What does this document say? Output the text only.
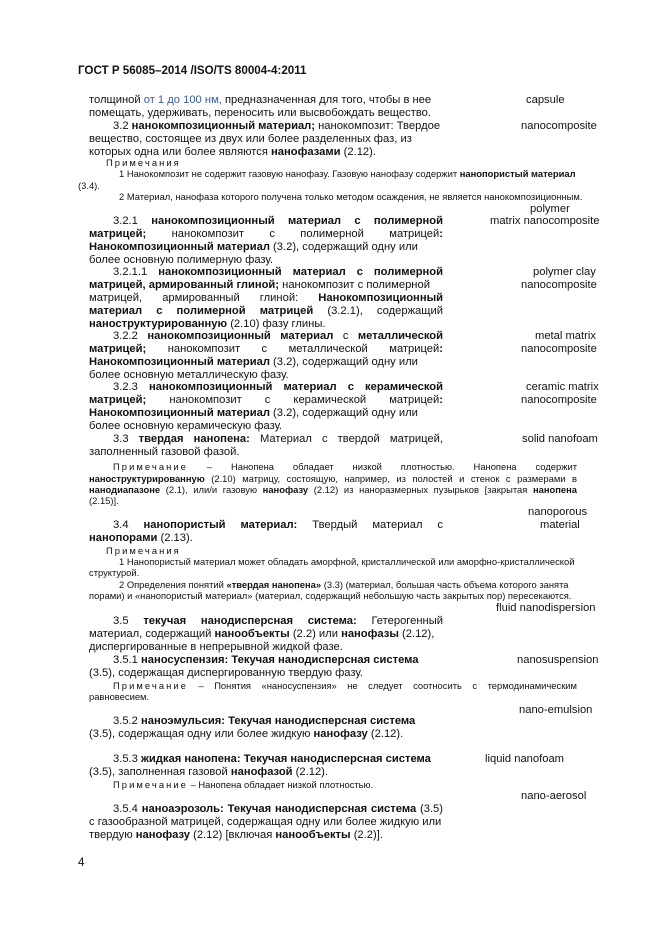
ГОСТ Р 56085–2014 /ISO/TS 80004-4:2011
толщиной от 1 до 100 нм, предназначенная для того, чтобы в нее
помещать, удерживать, переносить или высвобождать вещество.
3.2 нанокомпозиционный материал; нанокомпозит: Твердое
вещество, состоящее из двух или более разделенных фаз, из
которых одна или более являются нанофазами (2.12).
Примечания
1 Нанокомпозит не содержит газовую нанофазу. Газовую нанофазу содержит нанопористый материал
(3.4).
2 Материал, нанофаза которого получена только методом осаждения, не является нанокомпозиционным.
3.2.1 нанокомпозиционный материал с полимерной
матрицей; нанокомпозит с полимерной матрицей:
Нанокомпозиционный материал (3.2), содержащий одну или
более основную полимерную фазу.
3.2.1.1 нанокомпозиционный материал с полимерной
матрицей, армированный глиной; нанокомпозит с полимерной
матрицей, армированный глиной: Нанокомпозиционный
материал с полимерной матрицей (3.2.1), содержащий
наноструктурированную (2.10) фазу глины.
3.2.2 нанокомпозиционный материал с металлической
матрицей; нанокомпозит с металлической матрицей:
Нанокомпозиционный материал (3.2), содержащий одну или
более основную металлическую фазу.
3.2.3 нанокомпозиционный материал с керамической
матрицей; нанокомпозит с керамической матрицей:
Нанокомпозиционный материал (3.2), содержащий одну или
более основную керамическую фазу.
3.3 твердая нанопена: Материал с твердой матрицей,
заполненный газовой фазой.
Примечание – Нанопена обладает низкой плотностью. Нанопена содержит
наноструктурированную (2.10) матрицу, состоящую, например, из полостей и стенок с размерами в
нанодиапазоне (2.1), или/и газовую нанофазу (2.12) из наноразмерных пузырьков [закрытая нанопена
(2.15)].
3.4 нанопористый материал: Твердый материал с
нанопорами (2.13).
Примечания
1 Нанопористый материал может обладать аморфной, кристаллической или аморфно-кристаллической
структурой.
2 Определения понятий «твердая нанопена» (3.3) (материал, большая часть объема которого занята
порами) и «нанопористый материал» (материал, содержащий небольшую часть закрытых пор) пересекаются.
3.5 текучая нанодисперсная система: Гетерогенный
материал, содержащий нанообъекты (2.2) или нанофазы (2.12),
диспергированные в непрерывной жидкой фазе.
3.5.1 наносуспензия: Текучая нанодисперсная система
(3.5), содержащая диспергированную твердую фазу.
Примечание – Понятия «наносуспензия» не следует соотносить с термодинамическим
равновесием.
3.5.2 наноэмульсия: Текучая нанодисперсная система
(3.5), содержащая одну или более жидкую нанофазу (2.12).
3.5.3 жидкая нанопена: Текучая нанодисперсная система
(3.5), заполненная газовой нанофазой (2.12).
Примечание – Нанопена обладает низкой плотностью.
3.5.4 наноаэрозоль: Текучая нанодисперсная система (3.5)
с газообразной матрицей, содержащая одну или более жидкую или
твердую нанофазу (2.12) [включая нанообъекты (2.2)].
capsule
nanocomposite
polymer
matrix nanocomposite
polymer clay
nanocomposite
metal matrix
nanocomposite
ceramic matrix
nanocomposite
solid nanofoam
nanoporous
material
fluid nanodispersion
nanosuspension
nano-emulsion
liquid nanofoam
nano-aerosol
4
